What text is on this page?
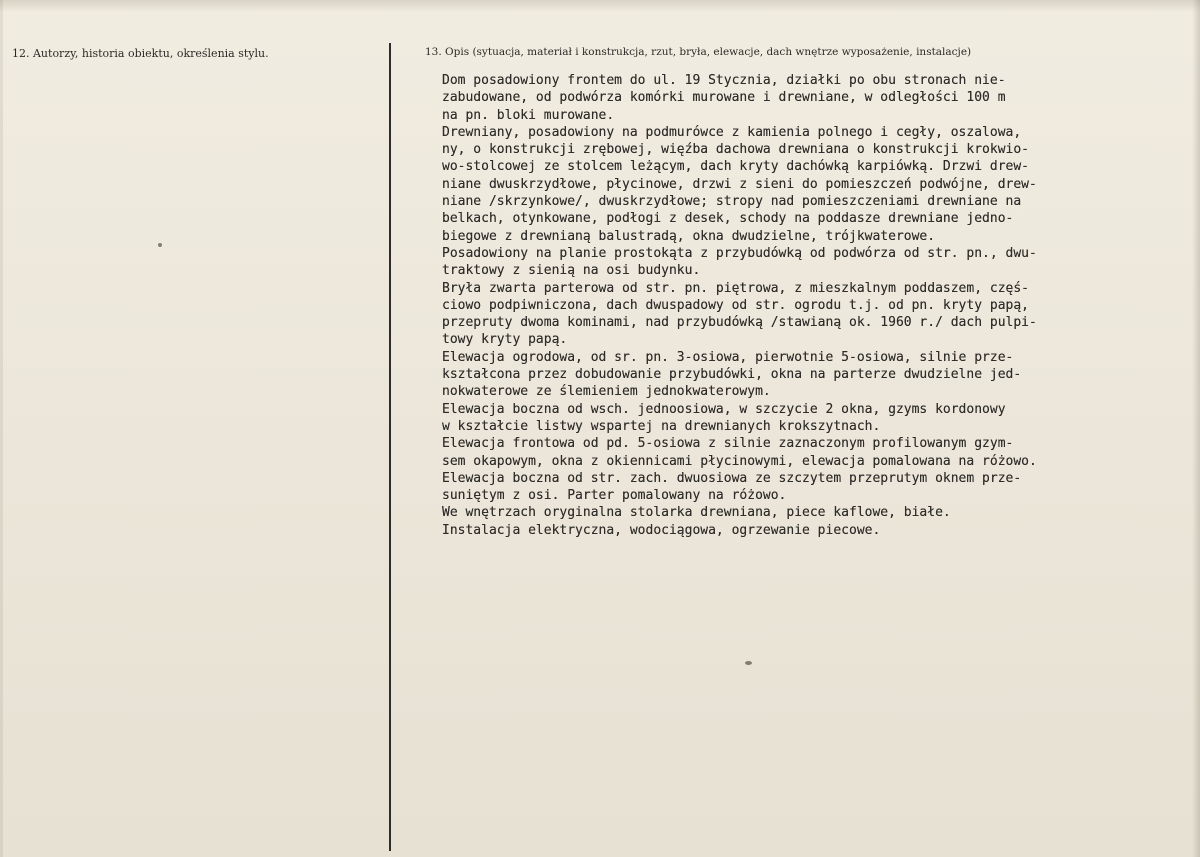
12. Autorzy, historia obiektu, określenia stylu.	13. Opis (sytuacja, materiał i konstrukcja, rzut, bryła, elewacje, dach wnętrze wyposażenie, instalacje)
Dom posadowiony frontem do ul. 19 Stycznia, działki po obu stronach nie-
zabudowane, od podwórza komórki murowane i drewniane, w odległości 100 m
na pn. bloki murowane.
Drewniany, posadowiony na podmurówce z kamienia polnego i cegły, oszalowa,
ny, o konstrukcji zrębowej, więźba dachowa drewniana o konstrukcji krokwio-
wo-stolcowej ze stolcem leżącym, dach kryty dachówką karpiówką. Drzwi drew-
niane dwuskrzydłowe, płycinowe, drzwi z sieni do pomieszczeń podwójne, drew-
niane /skrzynkowe/, dwuskrzydłowe; stropy nad pomieszczeniami drewniane na
belkach, otynkowane, podłogi z desek, schody na poddasze drewniane jedno-
biegowe z drewnianą balustradą, okna dwudzielne, trójkwaterowe.
Posadowiony na planie prostokąta z przybudówką od podwórza od str. pn., dwu-
traktowy z sienią na osi budynku.
Bryła zwarta parterowa od str. pn. piętrowa, z mieszkalnym poddaszem, częś-
ciowo podpiwniczona, dach dwuspadowy od str. ogrodu t.j. od pn. kryty papą,
przepruty dwoma kominami, nad przybudówką /stawianą ok. 1960 r./ dach pulpi-
towy kryty papą.
Elewacja ogrodowa, od sr. pn. 3-osiowa, pierwotnie 5-osiowa, silnie prze-
kształcona przez dobudowanie przybudówki, okna na parterze dwudzielne jed-
nokwaterowe ze ślemieniem jednokwaterowym.
Elewacja boczna od wsch. jednoosiowa, w szczycie 2 okna, gzyms kordonowy
w kształcie listwy wspartej na drewnianych krokszytnach.
Elewacja frontowa od pd. 5-osiowa z silnie zaznaczonym profilowanym gzym-
sem okapowym, okna z okiennicami płycinowymi, elewacja pomalowana na różowo.
Elewacja boczna od str. zach. dwuosiowa ze szczytem przeprutym oknem prze-
suniętym z osi. Parter pomalowany na różowo.
We wnętrzach oryginalna stolarka drewniana, piece kaflowe, białe.
Instalacja elektryczna, wodociągowa, ogrzewanie piecowe.
